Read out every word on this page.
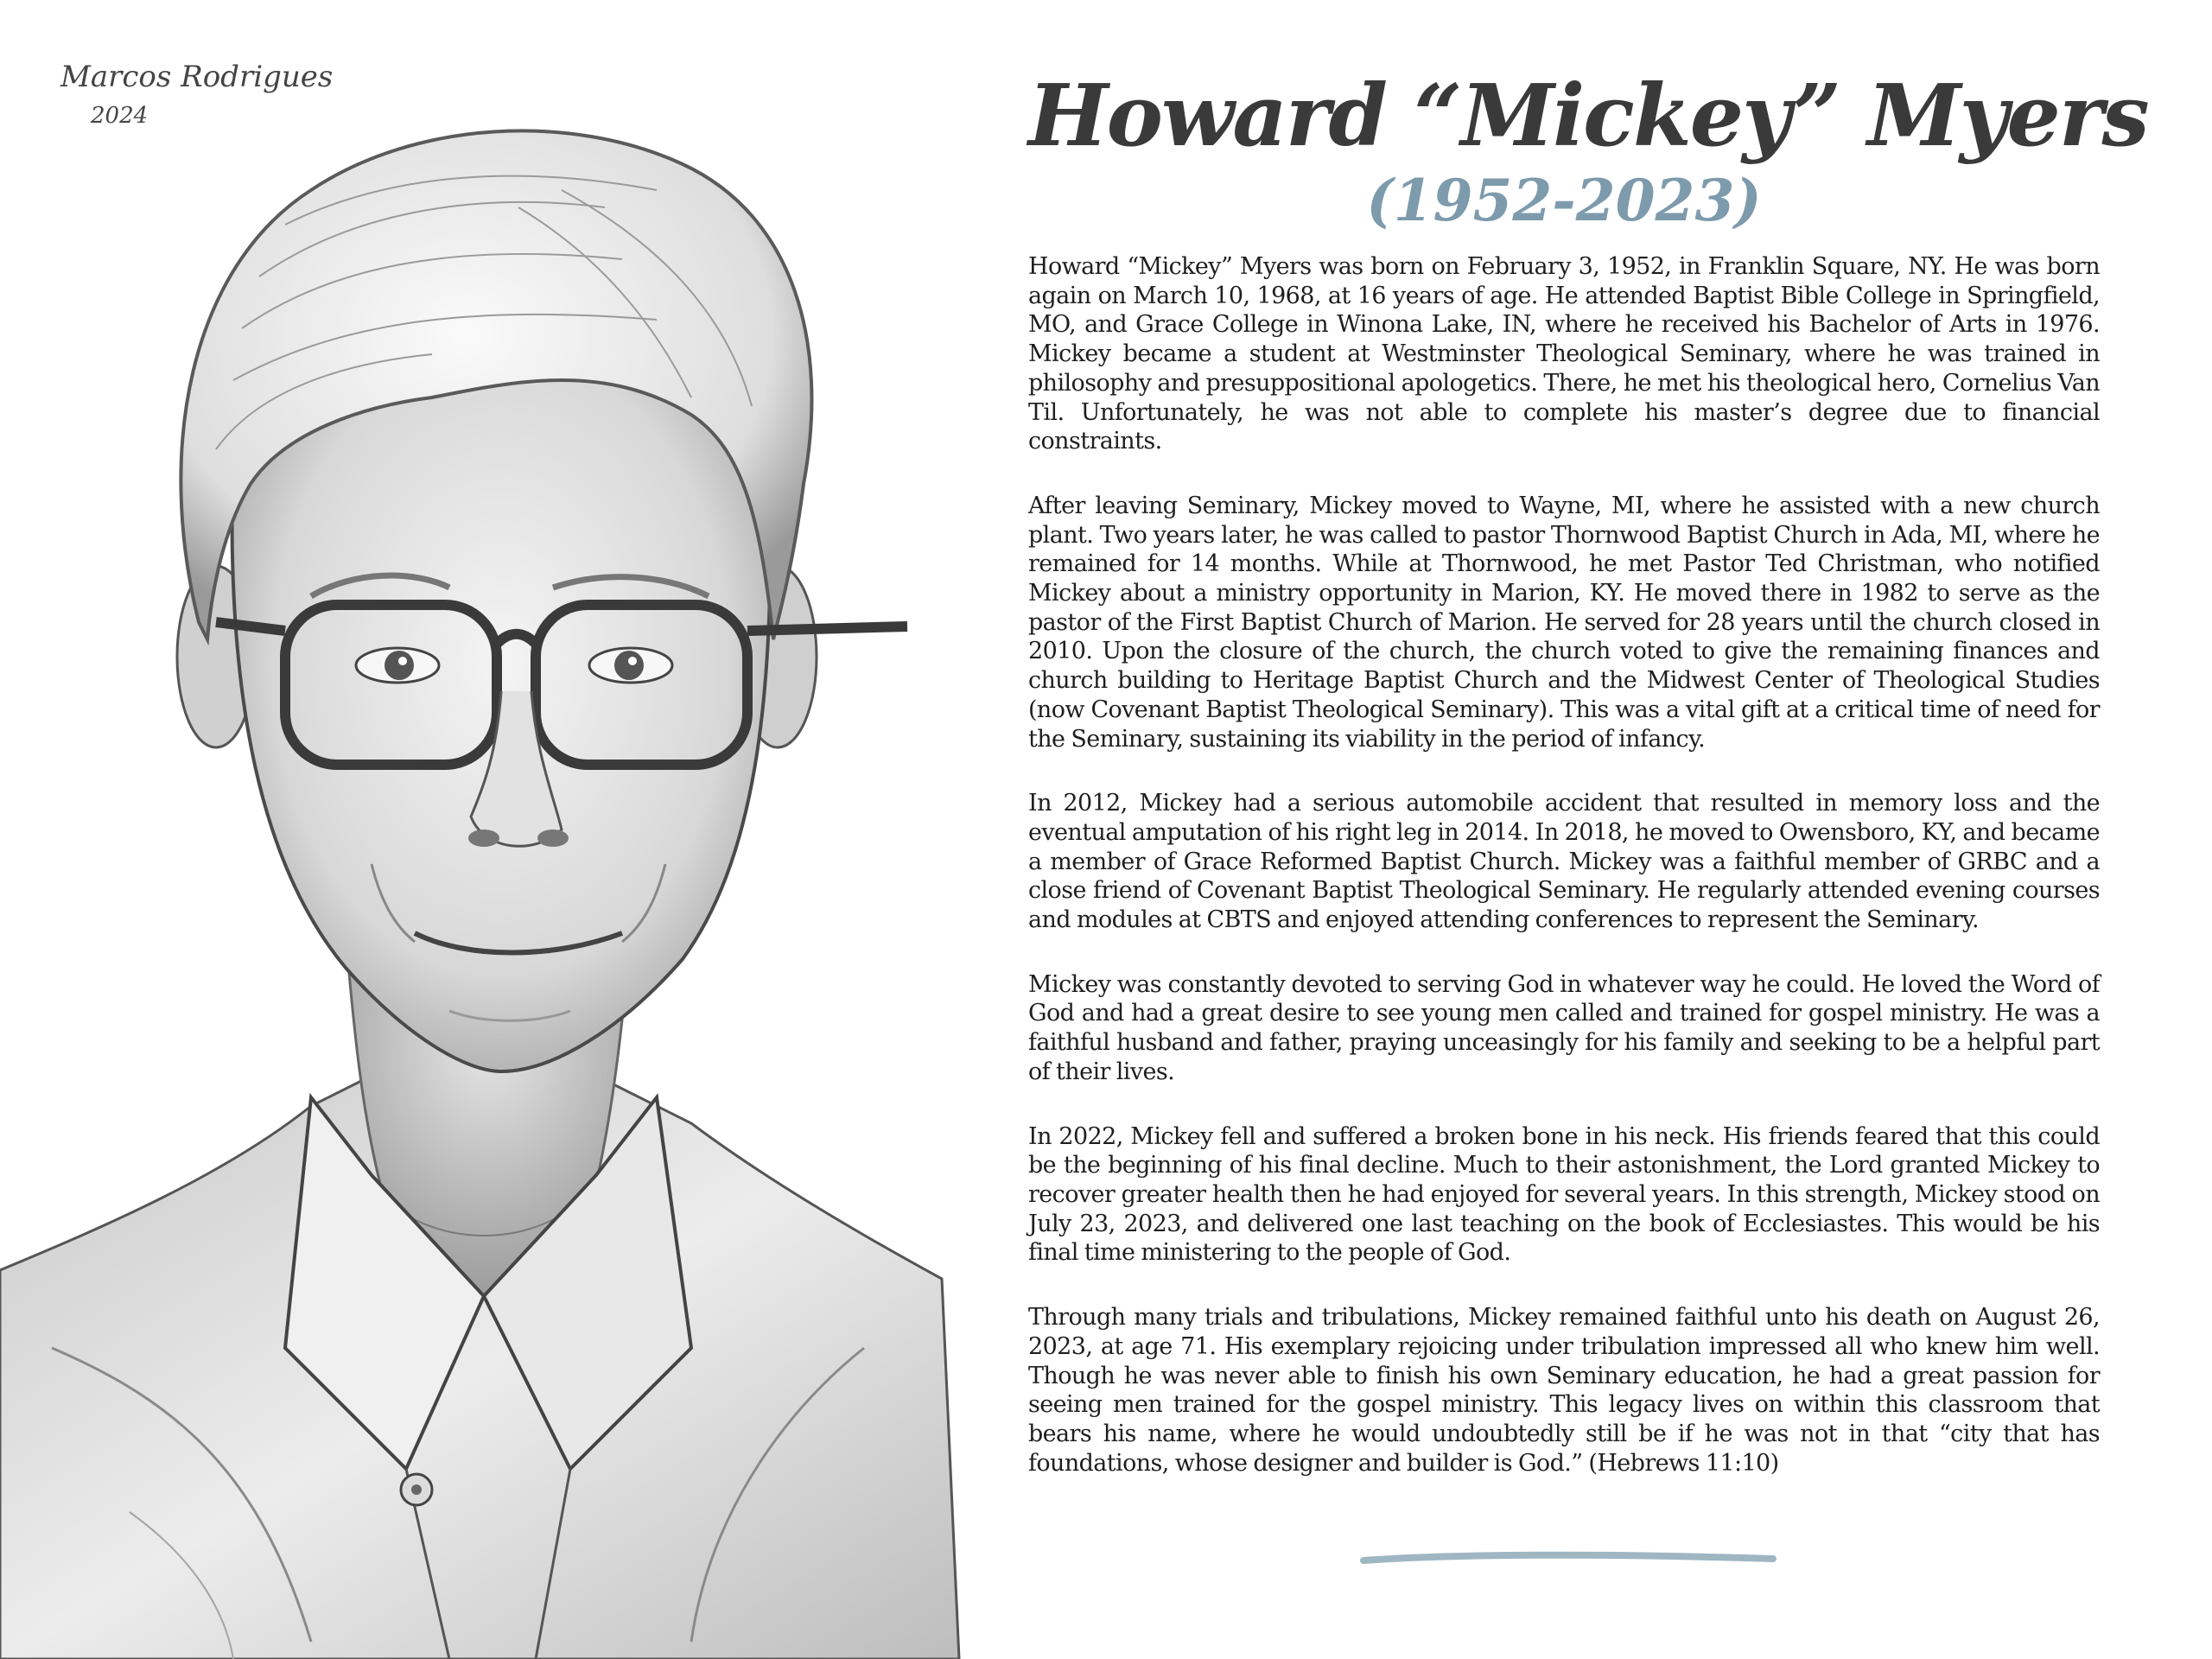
Marcos Rodrigues
2024	Howard “Mickey” Myers
(1952-2023)

Howard “Mickey” Myers was born on February 3, 1952, in Franklin Square, NY. He was born again on March 10, 1968, at 16 years of age. He attended Baptist Bible College in Springfield, MO, and Grace College in Winona Lake, IN, where he received his Bachelor of Arts in 1976. Mickey became a student at Westminster Theological Seminary, where he was trained in philosophy and presuppositional apologetics. There, he met his theological hero, Cornelius Van Til. Unfortunately, he was not able to complete his master’s degree due to financial constraints.

After leaving Seminary, Mickey moved to Wayne, MI, where he assisted with a new church plant. Two years later, he was called to pastor Thornwood Baptist Church in Ada, MI, where he remained for 14 months. While at Thornwood, he met Pastor Ted Christman, who notified Mickey about a ministry opportunity in Marion, KY. He moved there in 1982 to serve as the pastor of the First Baptist Church of Marion. He served for 28 years until the church closed in 2010. Upon the closure of the church, the church voted to give the remaining finances and church building to Heritage Baptist Church and the Midwest Center of Theological Studies (now Covenant Baptist Theological Seminary). This was a vital gift at a critical time of need for the Seminary, sustaining its viability in the period of infancy.

In 2012, Mickey had a serious automobile accident that resulted in memory loss and the eventual amputation of his right leg in 2014. In 2018, he moved to Owensboro, KY, and became a member of Grace Reformed Baptist Church. Mickey was a faithful member of GRBC and a close friend of Covenant Baptist Theological Seminary. He regularly attended evening courses and modules at CBTS and enjoyed attending conferences to represent the Seminary.

Mickey was constantly devoted to serving God in whatever way he could. He loved the Word of God and had a great desire to see young men called and trained for gospel ministry. He was a faithful husband and father, praying unceasingly for his family and seeking to be a helpful part of their lives.

In 2022, Mickey fell and suffered a broken bone in his neck. His friends feared that this could be the beginning of his final decline. Much to their astonishment, the Lord granted Mickey to recover greater health then he had enjoyed for several years. In this strength, Mickey stood on July 23, 2023, and delivered one last teaching on the book of Ecclesiastes. This would be his final time ministering to the people of God.

Through many trials and tribulations, Mickey remained faithful unto his death on August 26, 2023, at age 71. His exemplary rejoicing under tribulation impressed all who knew him well. Though he was never able to finish his own Seminary education, he had a great passion for seeing men trained for the gospel ministry. This legacy lives on within this classroom that bears his name, where he would undoubtedly still be if he was not in that “city that has foundations, whose designer and builder is God.” (Hebrews 11:10)
